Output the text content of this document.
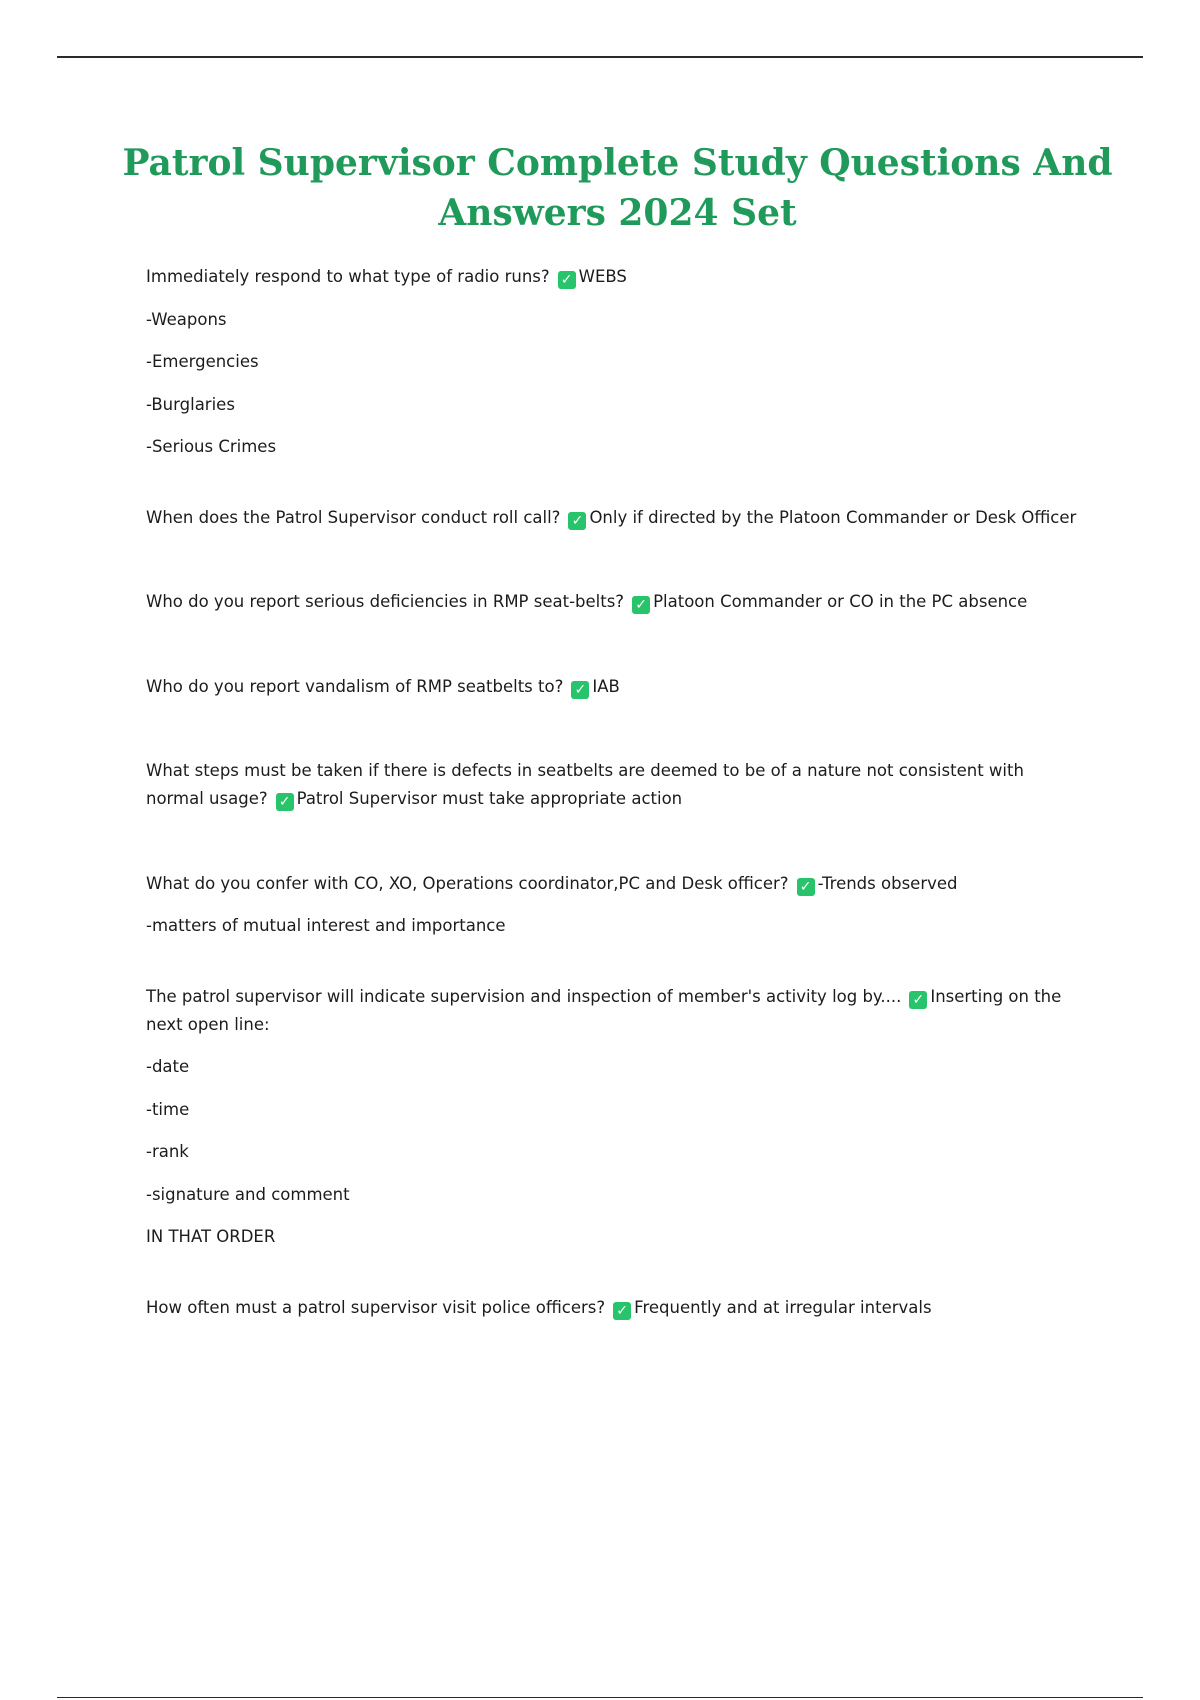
Patrol Supervisor Complete Study Questions And Answers 2024 Set

Immediately respond to what type of radio runs? ✓ WEBS

-Weapons

-Emergencies

-Burglaries

-Serious Crimes

When does the Patrol Supervisor conduct roll call? ✓ Only if directed by the Platoon Commander or Desk Officer

Who do you report serious deficiencies in RMP seat-belts? ✓ Platoon Commander or CO in the PC absence

Who do you report vandalism of RMP seatbelts to? ✓ IAB

What steps must be taken if there is defects in seatbelts are deemed to be of a nature not consistent with normal usage? ✓ Patrol Supervisor must take appropriate action

What do you confer with CO, XO, Operations coordinator,PC and Desk officer? ✓ -Trends observed

-matters of mutual interest and importance

The patrol supervisor will indicate supervision and inspection of member's activity log by.... ✓ Inserting on the next open line:

-date

-time

-rank

-signature and comment

IN THAT ORDER

How often must a patrol supervisor visit police officers? ✓ Frequently and at irregular intervals
